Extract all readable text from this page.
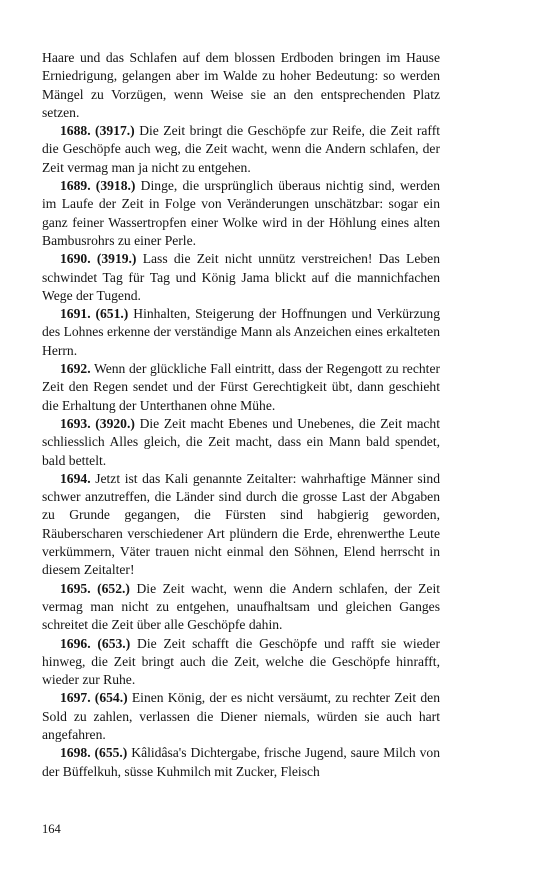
Haare und das Schlafen auf dem blossen Erdboden bringen im Hause Erniedrigung, gelangen aber im Walde zu hoher Bedeutung: so werden Mängel zu Vorzügen, wenn Weise sie an den entsprechenden Platz setzen.

1688. (3917.) Die Zeit bringt die Geschöpfe zur Reife, die Zeit rafft die Geschöpfe auch weg, die Zeit wacht, wenn die Andern schlafen, der Zeit vermag man ja nicht zu entgehen.

1689. (3918.) Dinge, die ursprünglich überaus nichtig sind, werden im Laufe der Zeit in Folge von Veränderungen unschätzbar: sogar ein ganz feiner Wassertropfen einer Wolke wird in der Höhlung eines alten Bambusrohrs zu einer Perle.

1690. (3919.) Lass die Zeit nicht unnütz verstreichen! Das Leben schwindet Tag für Tag und König Jama blickt auf die mannichfachen Wege der Tugend.

1691. (651.) Hinhalten, Steigerung der Hoffnungen und Verkürzung des Lohnes erkenne der verständige Mann als Anzeichen eines erkalteten Herrn.

1692. Wenn der glückliche Fall eintritt, dass der Regengott zu rechter Zeit den Regen sendet und der Fürst Gerechtigkeit übt, dann geschieht die Erhaltung der Unterthanen ohne Mühe.

1693. (3920.) Die Zeit macht Ebenes und Unebenes, die Zeit macht schliesslich Alles gleich, die Zeit macht, dass ein Mann bald spendet, bald bettelt.

1694. Jetzt ist das Kali genannte Zeitalter: wahrhaftige Männer sind schwer anzutreffen, die Länder sind durch die grosse Last der Abgaben zu Grunde gegangen, die Fürsten sind habgierig geworden, Räuberscharen verschiedener Art plündern die Erde, ehrenwerthe Leute verkümmern, Väter trauen nicht einmal den Söhnen, Elend herrscht in diesem Zeitalter!

1695. (652.) Die Zeit wacht, wenn die Andern schlafen, der Zeit vermag man nicht zu entgehen, unaufhaltsam und gleichen Ganges schreitet die Zeit über alle Geschöpfe dahin.

1696. (653.) Die Zeit schafft die Geschöpfe und rafft sie wieder hinweg, die Zeit bringt auch die Zeit, welche die Geschöpfe hinrafft, wieder zur Ruhe.

1697. (654.) Einen König, der es nicht versäumt, zu rechter Zeit den Sold zu zahlen, verlassen die Diener niemals, würden sie auch hart angefahren.

1698. (655.) Kâlidâsa's Dichtergabe, frische Jugend, saure Milch von der Büffelkuh, süsse Kuhmilch mit Zucker, Fleisch

164
